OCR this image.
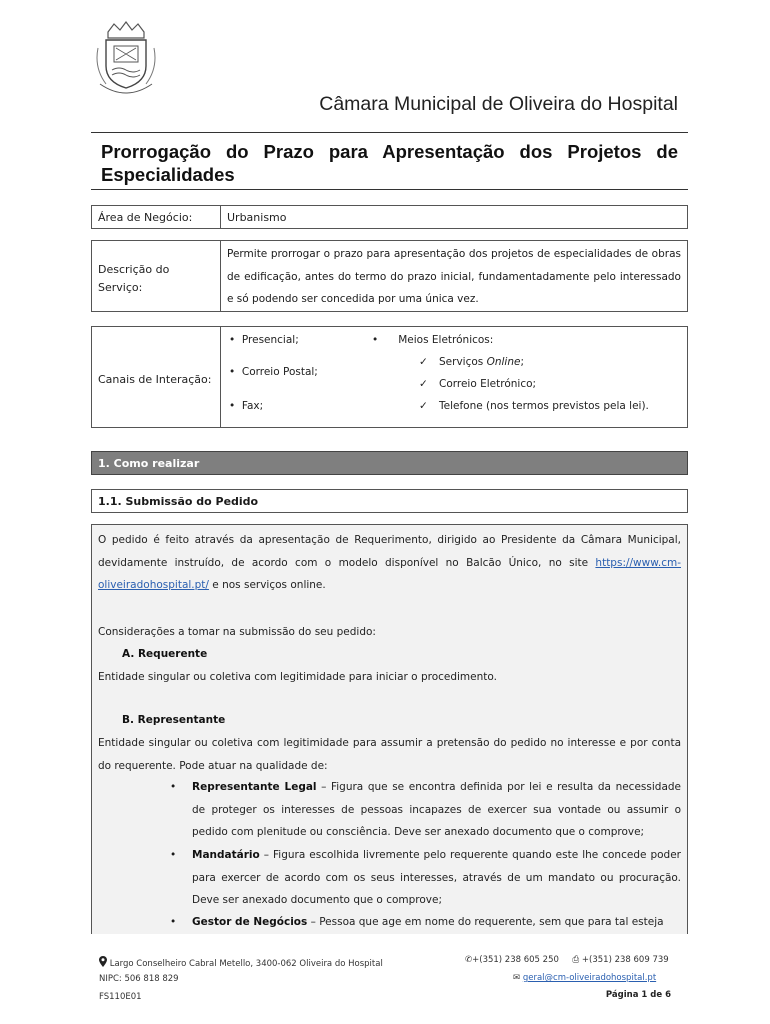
Câmara Municipal de Oliveira do Hospital
Prorrogação do Prazo para Apresentação dos Projetos de Especialidades
Área de Negócio:	Urbanismo
Descrição do Serviço:
Permite prorrogar o prazo para apresentação dos projetos de especialidades de obras de edificação, antes do termo do prazo inicial, fundamentadamente pelo interessado e só podendo ser concedida por uma única vez.
Canais de Interação:
•  Presencial;
•  Correio Postal;
•  Fax;
•      Meios Eletrónicos:
✓ Serviços Online;
✓ Correio Eletrónico;
✓ Telefone (nos termos previstos pela lei).
1. Como realizar
1.1. Submissão do Pedido
O pedido é feito através da apresentação de Requerimento, dirigido ao Presidente da Câmara Municipal, devidamente instruído, de acordo com o modelo disponível no Balcão Único, no site https://www.cm-oliveiradohospital.pt/ e nos serviços online.
Considerações a tomar na submissão do seu pedido:
A. Requerente
Entidade singular ou coletiva com legitimidade para iniciar o procedimento.
B. Representante
Entidade singular ou coletiva com legitimidade para assumir a pretensão do pedido no interesse e por conta do requerente. Pode atuar na qualidade de:
• Representante Legal – Figura que se encontra definida por lei e resulta da necessidade de proteger os interesses de pessoas incapazes de exercer sua vontade ou assumir o pedido com plenitude ou consciência. Deve ser anexado documento que o comprove;
• Mandatário – Figura escolhida livremente pelo requerente quando este lhe concede poder para exercer de acordo com os seus interesses, através de um mandato ou procuração. Deve ser anexado documento que o comprove;
• Gestor de Negócios – Pessoa que age em nome do requerente, sem que para tal esteja
Largo Conselheiro Cabral Metello, 3400-062 Oliveira do Hospital
NIPC: 506 818 829
FS110E01
✆+(351) 238 605 250 ⎙ +(351) 238 609 739
✉ geral@cm-oliveiradohospital.pt
Página 1 de 6
